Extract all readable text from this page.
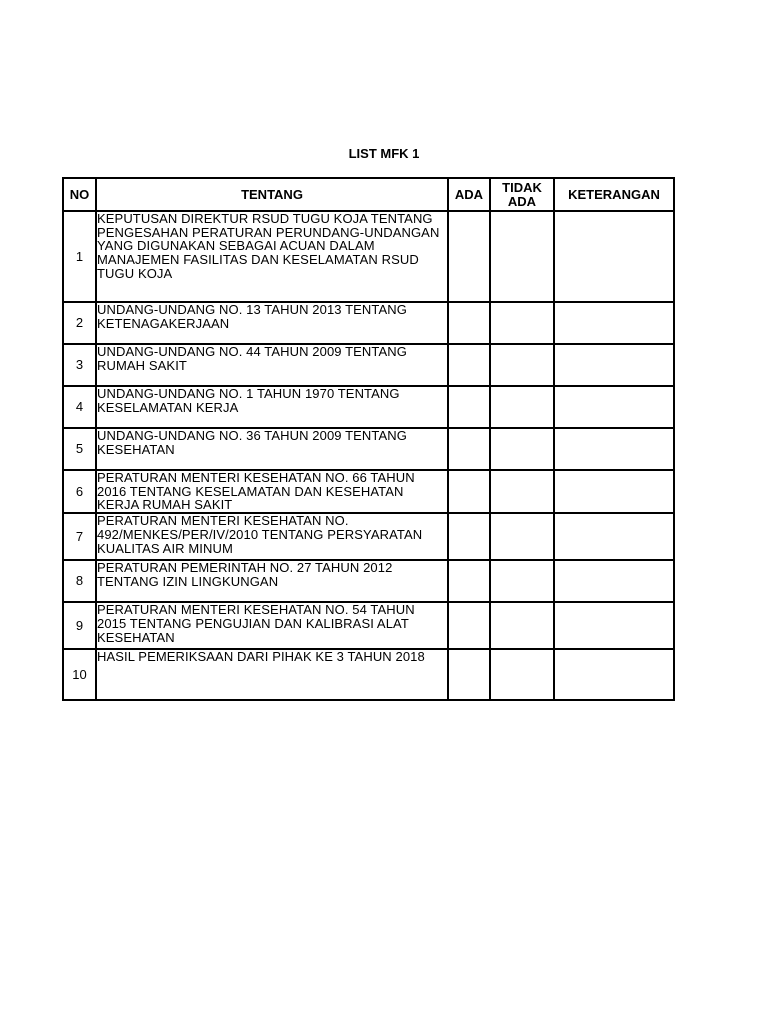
LIST MFK 1
NO	TENTANG	ADA	TIDAK ADA	KETERANGAN
1	KEPUTUSAN DIREKTUR RSUD TUGU KOJA TENTANG PENGESAHAN PERATURAN PERUNDANG-UNDANGAN YANG DIGUNAKAN SEBAGAI ACUAN DALAM MANAJEMEN FASILITAS DAN KESELAMATAN RSUD TUGU KOJA			
2	UNDANG-UNDANG NO. 13 TAHUN 2013 TENTANG KETENAGAKERJAAN			
3	UNDANG-UNDANG NO. 44 TAHUN 2009 TENTANG RUMAH SAKIT			
4	UNDANG-UNDANG NO. 1 TAHUN 1970 TENTANG KESELAMATAN KERJA			
5	UNDANG-UNDANG NO. 36 TAHUN 2009 TENTANG KESEHATAN			
6	PERATURAN MENTERI KESEHATAN NO. 66 TAHUN 2016 TENTANG KESELAMATAN DAN KESEHATAN KERJA RUMAH SAKIT			
7	PERATURAN MENTERI KESEHATAN NO. 492/MENKES/PER/IV/2010 TENTANG PERSYARATAN KUALITAS AIR MINUM			
8	PERATURAN PEMERINTAH NO. 27 TAHUN 2012 TENTANG IZIN LINGKUNGAN			
9	PERATURAN MENTERI KESEHATAN NO. 54 TAHUN 2015 TENTANG PENGUJIAN DAN KALIBRASI ALAT KESEHATAN			
10	HASIL PEMERIKSAAN DARI PIHAK KE 3 TAHUN 2018			
